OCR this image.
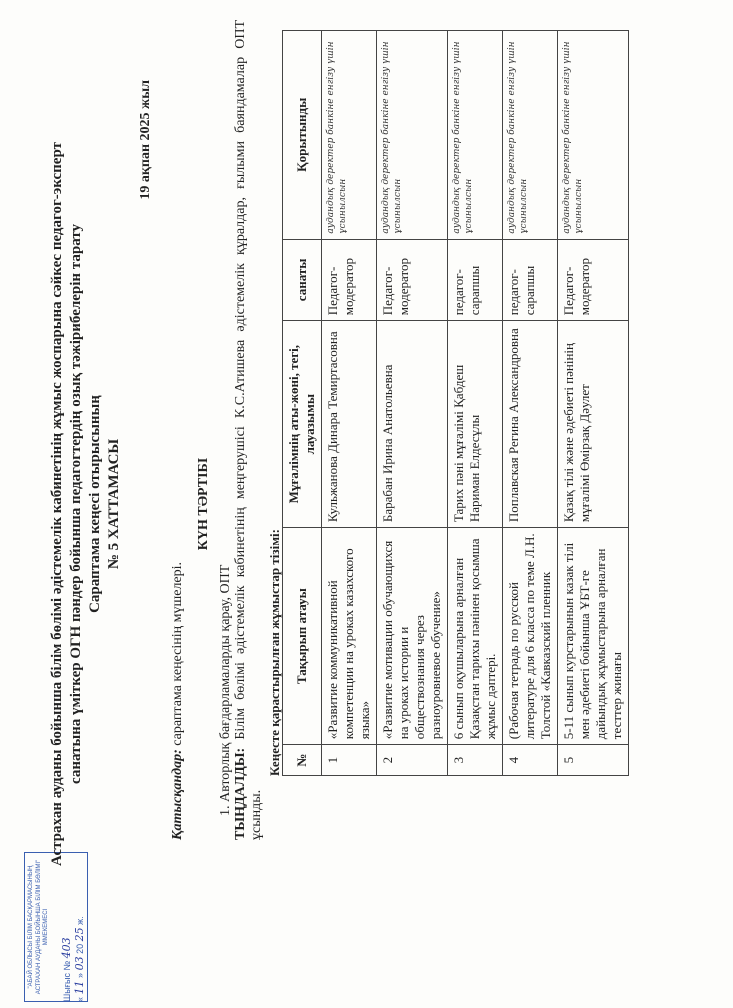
"АБАЙ ОБЛЫСЫ БІЛІМ БАСҚАРМАСЫНЫҢ АСТРАХАН АУДАНЫ БОЙЫНША БІЛІМ БӨЛІМІ" ММЕКЕМЕСІ
Шығыс № 403
« 11 » 03 20 25 ж.
Астрахан ауданы бойынша білім бөлімі әдістемелік кабинетінің жұмыс жоспарына сәйкес педагог-эксперт санатына үміткер ОГН пәндер бойынша педагогтердің озық тәжірибелерін тарату Сараптама кеңесі отырысының № 5 ХАТТАМАСЫ
19 ақпан 2025 жыл
Қатысқандар: сараптама кеңесінің мүшелері.
КҮН ТӘРТІБІ
1. Авторлық бағдарламаларды қарау, ОПТ ТЫҢДАЛДЫ: Білім бөлімі әдістемелік кабинетінің меңгерушісі К.С.Атишева әдістемелік құралдар, ғылыми баяндамалар ОПТ ұсынды.
Кеңесте қарастырылған жұмыстар тізімі: №	Тақырып атауы	Мұғалімнің аты-жөні, тегі, лауазымы	санаты	Қорытынды
1	«Развитие коммуникативной компетенции на уроках казахского языка»	Кульжанова Динара Темиртасовна	Педагог-модератор	аудандық деректер банкіне енгізу үшін ұсынылсын
2	«Развитие мотивации обучающихся на уроках истории и обществознания через разноуровневое обучение»	Барабан Ирина Анатольевна	Педагог-модератор	аудандық деректер банкіне енгізу үшін ұсынылсын
3	6 сынып оқушыларына арналған Қазақстан тарихы пәнінен қосымша жұмыс дәптері.	Тарих пәні мұғалімі Қабдеш Нариман Елдесұлы	педагог-сарапшы	аудандық деректер банкіне енгізу үшін ұсынылсын
4	(Рабочая тетрадь по русской литературе для 6 класса по теме Л.Н. Толстой «Кавказский пленник	Поплавская Регина Александровна	педагог-сарапшы	аудандық деректер банкіне енгізу үшін ұсынылсын
5	5-11 сынып курстарынын казак тілі мен әдебиеті бойынша ҰБТ-ге дайындық жұмыстарына арналған тесттер жинағы	Қазақ тілі және әдебиеті пәнінің мұғалімі Өмірзақ Дәулет	Педагог-модератор	аудандық деректер банкіне енгізу үшін ұсынылсын
